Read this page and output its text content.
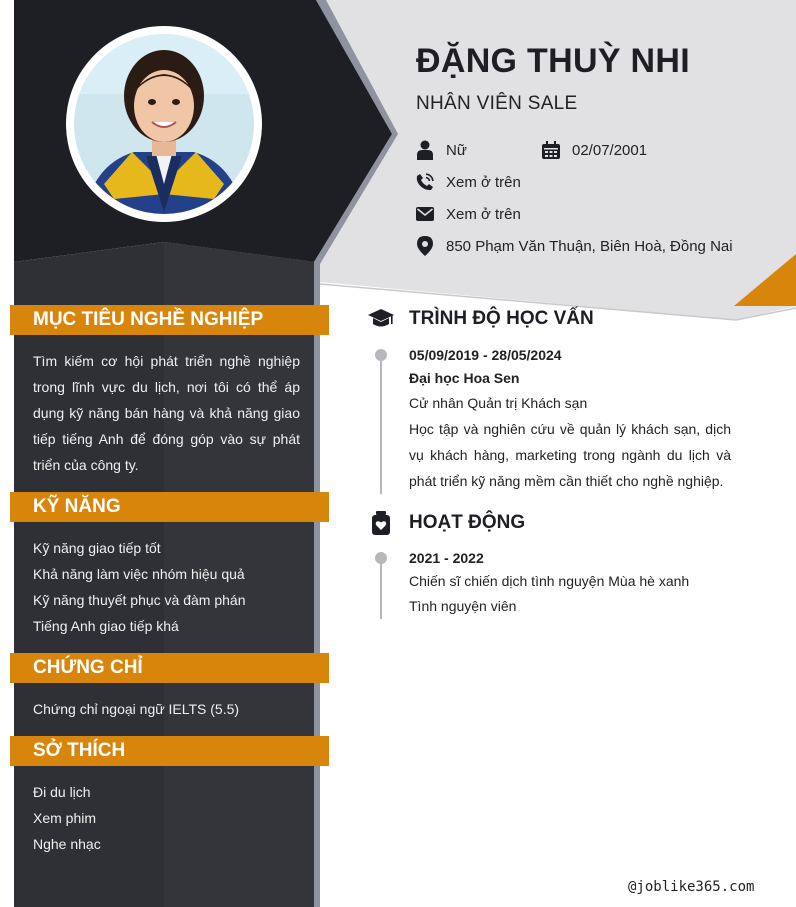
ĐẶNG THUỲ NHI
NHÂN VIÊN SALE
Nữ	02/07/2001
Xem ở trên
Xem ở trên
850 Phạm Văn Thuận, Biên Hoà, Đồng Nai
MỤC TIÊU NGHỀ NGHIỆP
Tìm kiếm cơ hội phát triển nghề nghiệp trong lĩnh vực du lịch, nơi tôi có thể áp dụng kỹ năng bán hàng và khả năng giao tiếp tiếng Anh để đóng góp vào sự phát triển của công ty.
KỸ NĂNG
Kỹ năng giao tiếp tốt
Khả năng làm việc nhóm hiệu quả
Kỹ năng thuyết phục và đàm phán
Tiếng Anh giao tiếp khá
CHỨNG CHỈ
Chứng chỉ ngoại ngữ IELTS (5.5)
SỞ THÍCH
Đi du lịch
Xem phim
Nghe nhạc
TRÌNH ĐỘ HỌC VẤN
05/09/2019 - 28/05/2024
Đại học Hoa Sen
Cử nhân Quản trị Khách sạn
Học tập và nghiên cứu về quản lý khách sạn, dịch vụ khách hàng, marketing trong ngành du lịch và phát triển kỹ năng mềm cần thiết cho nghề nghiệp.
HOẠT ĐỘNG
2021 - 2022
Chiến sĩ chiến dịch tình nguyện Mùa hè xanh
Tình nguyện viên
@joblike365.com
